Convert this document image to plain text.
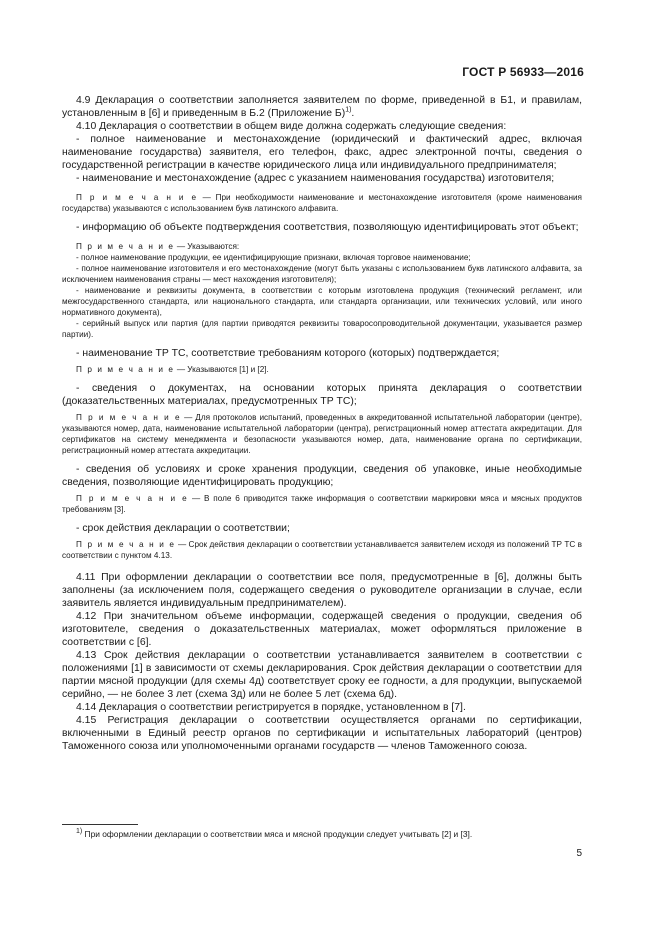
ГОСТ Р 56933—2016

4.9 Декларация о соответствии заполняется заявителем по форме, приведенной в Б1, и правилам, установленным в [6] и приведенным в Б.2 (Приложение Б)$^{1)}$.

4.10 Декларация о соответствии в общем виде должна содержать следующие сведения:

- полное наименование и местонахождение (юридический и фактический адрес, включая наименование государства) заявителя, его телефон, факс, адрес электронной почты, сведения о государственной регистрации в качестве юридического лица или индивидуального предпринимателя;

- наименование и местонахождение (адрес с указанием наименования государства) изготовителя;

П р и м е ч а н и е — При необходимости наименование и местонахождение изготовителя (кроме наименования государства) указываются с использованием букв латинского алфавита.

- информацию об объекте подтверждения соответствия, позволяющую идентифицировать этот объект;

П р и м е ч а н и е — Указываются:

- полное наименование продукции, ее идентифицирующие признаки, включая торговое наименование;

- полное наименование изготовителя и его местонахождение (могут быть указаны с использованием букв латинского алфавита, за исключением наименования страны — мест нахождения изготовителя);

- наименование и реквизиты документа, в соответствии с которым изготовлена продукция (технический регламент, или межгосударственного стандарта, или национального стандарта, или стандарта организации, или технических условий, или иного нормативного документа),

- серийный выпуск или партия (для партии приводятся реквизиты товаросопроводительной документации, указывается размер партии).

- наименование ТР ТС, соответствие требованиям которого (которых) подтверждается;

П р и м е ч а н и е — Указываются [1] и [2].

- сведения о документах, на основании которых принята декларация о соответствии (доказательственных материалах, предусмотренных ТР ТС);

П р и м е ч а н и е — Для протоколов испытаний, проведенных в аккредитованной испытательной лаборатории (центре), указываются номер, дата, наименование испытательной лаборатории (центра), регистрационный номер аттестата аккредитации. Для сертификатов на систему менеджмента и безопасности указываются номер, дата, наименование органа по сертификации, регистрационный номер аттестата аккредитации.

- сведения об условиях и сроке хранения продукции, сведения об упаковке, иные необходимые сведения, позволяющие идентифицировать продукцию;

П р и м е ч а н и е — В поле 6 приводится также информация о соответствии маркировки мяса и мясных продуктов требованиям [3].

- срок действия декларации о соответствии;

П р и м е ч а н и е — Срок действия декларации о соответствии устанавливается заявителем исходя из положений ТР ТС в соответствии с пунктом 4.13.

4.11 При оформлении декларации о соответствии все поля, предусмотренные в [6], должны быть заполнены (за исключением поля, содержащего сведения о руководителе организации в случае, если заявитель является индивидуальным предпринимателем).

4.12 При значительном объеме информации, содержащей сведения о продукции, сведения об изготовителе, сведения о доказательственных материалах, может оформляться приложение в соответствии с [6].

4.13 Срок действия декларации о соответствии устанавливается заявителем в соответствии с положениями [1] в зависимости от схемы декларирования. Срок действия декларации о соответствии для партии мясной продукции (для схемы 4д) соответствует сроку ее годности, а для продукции, выпускаемой серийно, — не более 3 лет (схема 3д) или не более 5 лет (схема 6д).

4.14 Декларация о соответствии регистрируется в порядке, установленном в [7].

4.15 Регистрация декларации о соответствии осуществляется органами по сертификации, включенными в Единый реестр органов по сертификации и испытательных лабораторий (центров) Таможенного союза или уполномоченными органами государств — членов Таможенного союза.

$^{1)}$ При оформлении декларации о соответствии мяса и мясной продукции следует учитывать [2] и [3].
5
